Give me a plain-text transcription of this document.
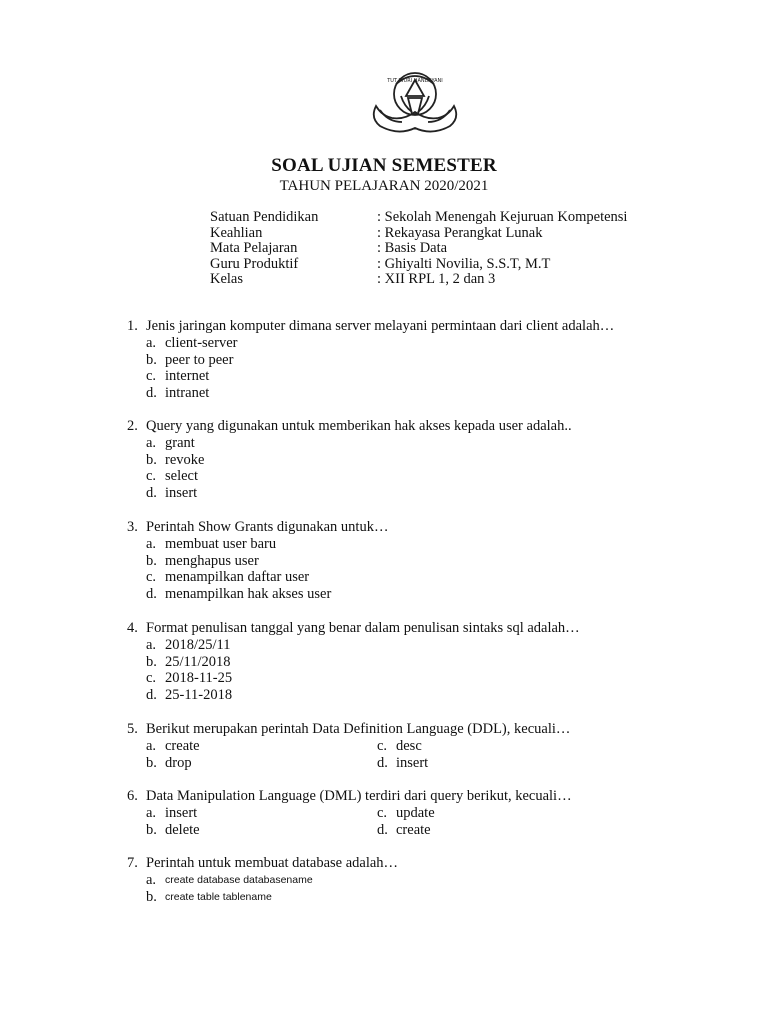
TUT WURI HANDAYANI
SOAL UJIAN SEMESTER
TAHUN PELAJARAN 2020/2021
Satuan Pendidikan	: Sekolah Menengah Kejuruan Kompetensi
Keahlian	: Rekayasa Perangkat Lunak
Mata Pelajaran	: Basis Data
Guru Produktif	: Ghiyalti Novilia, S.S.T, M.T
Kelas	: XII RPL 1, 2 dan 3
1. Jenis jaringan komputer dimana server melayani permintaan dari client adalah…
a. client-server
b. peer to peer
c. internet
d. intranet
2. Query yang digunakan untuk memberikan hak akses kepada user adalah..
a. grant
b. revoke
c. select
d. insert
3. Perintah Show Grants digunakan untuk…
a. membuat user baru
b. menghapus user
c. menampilkan daftar user
d. menampilkan hak akses user
4. Format penulisan tanggal yang benar dalam penulisan sintaks sql adalah…
a. 2018/25/11
b. 25/11/2018
c. 2018-11-25
d. 25-11-2018
5. Berikut merupakan perintah Data Definition Language (DDL), kecuali…
a. create	c. desc
b. drop	d. insert
6. Data Manipulation Language (DML) terdiri dari query berikut, kecuali…
a. insert	c. update
b. delete	d. create
7. Perintah untuk membuat database adalah…
a. create database databasename
b. create table tablename
